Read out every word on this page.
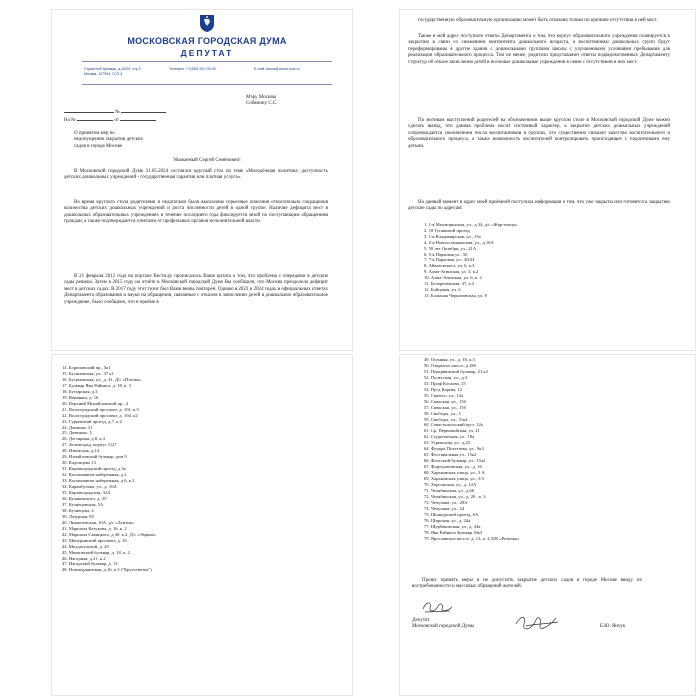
МОСКОВСКАЯ ГОРОДСКАЯ ДУМА
ДЕПУТАТ
Страстной бульвар, д.15/29, стр.2, Москва, 127994, ГСП-4
Телефон: +7(495) 957-05-00	E-mail: duma@duma.mos.ru
Мэру Москвы
Собянину С.С.
№
На №	от
О принятии мер по
недопущению закрытия детских
садов в городе Москве
Уважаемый Сергей Семёнович!
В Московской городской Думе 31.05.2024 состоялся круглый стол по теме «Молодёжная политика: доступность детских дошкольных учреждений - государственная гарантия или платная услуга».
Во время круглого стола родителями и педагогами были высказаны серьезные опасения относительно сокращения количества детских дошкольных учреждений и роста численности детей в одной группе. Наличие дефицита мест в дошкольных образовательных учреждениях в течение последнего года фиксируется мной по поступающим обращениям граждан, а также подтверждается ответами от профильных органов исполнительной власти.
В 21 февраля 2012 года на портале Вести.ру прописалось Ваше цитата о том, что проблема с очередями в детские сады решена. Затем в 2015 году на отчёте в Московской городской Думе Вы сообщили, что Москва преодолела дефицит мест в детских садах. В 2017 году этот тезис был Вами вновь повторён. Однако в 2023 и 2024 годах в официальных ответах Департамента образования и науки на обращения, связанные с отказом в зачислении детей в дошкольное образовательное учреждение, было сообщено, что в приёме в
государственную образовательную организацию может быть отказано только по причине отсутствия в ней мест.
Также в мой адрес поступили ответы Департамента о том, что корпус образовательного учреждения планируется к закрытию в связи со снижением контингента дошкольного возраста, а воспитанники дошкольных групп будут переформированы в другие здания с дошкольными группами школы с улучшенными условиями пребывания для реализации образовательного процесса. Тем не менее, родители представляют ответы подведомственных Департаменту структур об отказе зачисления детей в ясельные дошкольные учреждения в связи с отсутствием в них мест.
По мотивам выступлений родителей на обозначенном выше круглом столе в Московской городской Думе можно сделать вывод, что данная проблема носит системный характер, а закрытие детских дошкольных учреждений сопровождается увеличением числа воспитанников в группах, что существенно снижает качество воспитательного и образовательного процесса, а также возможность воспитателей контролировать происходящее с подопечными ему детьми.
На данный момент в адрес моей приёмной поступила информация о том, что уже закрыты или готовятся к закрытию детские сады по адресам:
1. 1-я Мытищинская, ул., д.34, д/с «Жар-птица»
2. 18 Тупиковой проезд
3. 1-я Владимирская, ул., 15а
4. 2-я Новоостанкинская, ул., д.10А
5. 50 лет Октября, ул., 21А
6. 5-я Парковая ул., 50
7. 7-я Парковая, ул., 30/24
8. Айвазовского, ул. 6, к.3
9. Алма-Атинская, ул. 3, к.2
10. Алма-Атинская, ул. 6, к. 2
11. Белореченская, 47, к.2
12. Бойцовая, ул. 6
13. Большая Черкизовская, ул. 8
14. Бориловский пр., 5к1
15. Бусиновская, ул., 37 к1
16. Бусиновская, ул., д. 41, Д/с «Пчелка»
17. Бульвар Яна Райниса, д. 18, к. 3
18. Бутырская, д.3
19. Вешняки, д. 16
20. Верхний Михайловский пр., 4
21. Волгоградский проспект, д. 101, к.5
22. Волгоградский проспект, д. 104, к2
23. Гурьевский проезд, д.7, к.2
24. Дениова, 31
25. Довенько, 5
26. Дегтярная, д.8, к.3
27. Зеленоград, корпус 1127
28. Изюмская, д.14
29. Измайловский бульвар, дом 9
30. Кадомцева 13
31. Кировоградский проезд, д.3а
32. Космонавтов набережная, д.2
33. Космонавтов набережная, д.6, к.3
34. Карамбулова, ул., д. 16А
35. Кировоградская, 32А
36. Кулаковского, д. 35
37. Кузнецовская, 5А
38. Кузнецова, 4
39. Лазурная, 83
40. Лианозовская, 10А, д/с «Лунтик»
41. Маршала Катукова, д. 16, к. 2
42. Маршала Савицкого, д.30, к.2, Д/с «Эврика»
43. Мичуринский проспект, д. 16
44. Молдагуловой, д. 20
45. Мячковский бульвар, д. 18, к. 2
46. Нагорная, д.21, к.2
47. Нагорский бульвар, д. 13
48. Новокуркинская, д.16, к.3 ("Кругосветка")
49. Осенняя, ул., д. 18, к.3
50. Открытое шоссе, д.28б
51. Перервинский бульвар, 21 к2
52. Полесская, ул., д.3
53. Проф Козлова, 15
54. Пр-д Карева, 12
55. Святого, ул., 13а
56. Сиваская, ул., 15б
57. Сиваская, ул., 15б
58. Свободы, ул., 5
59. Свободы, ул., 51к4
60. Севастопольский пр-т, 12а
61. Ср. Первомайская, ул. 21
62. Студенческая, ул., 18а
63. Угрешская, ул., д.23
64. Федора Полетаева, ул., 9к3
65. Фестивальная ул., 15к2
66. Флотский бульвар, ул., 15а2
67. Фортунатовская, ул., д. 16
68. Харьковская улица, ул., 3 А
69. Харьковская улица, ул., 5/3
70. Херсонская, ул., д. 12А
71. Челябинская, ул., д.60
72. Челябинская, ул., д. 20 , к. 3
73. Чечулина, ул., 20А
74. Чечулина, ул., 24
75. Шенкурский проезд, 6А
76. Широкая, ул., д. 24а
77. Щербаковская, ул., д. 44а
78. Яна Райниса бульвар 18к3
79. Ярославское шоссе, д. 13, к. 4 Д/К «Розочка»
Прошу принять меры и не допустить закрытие детских садов в городе Москве ввиду их востребованности и массовых обращений жителей.
Депутат
Московской городской Думы	Е.Ю. Янчук
